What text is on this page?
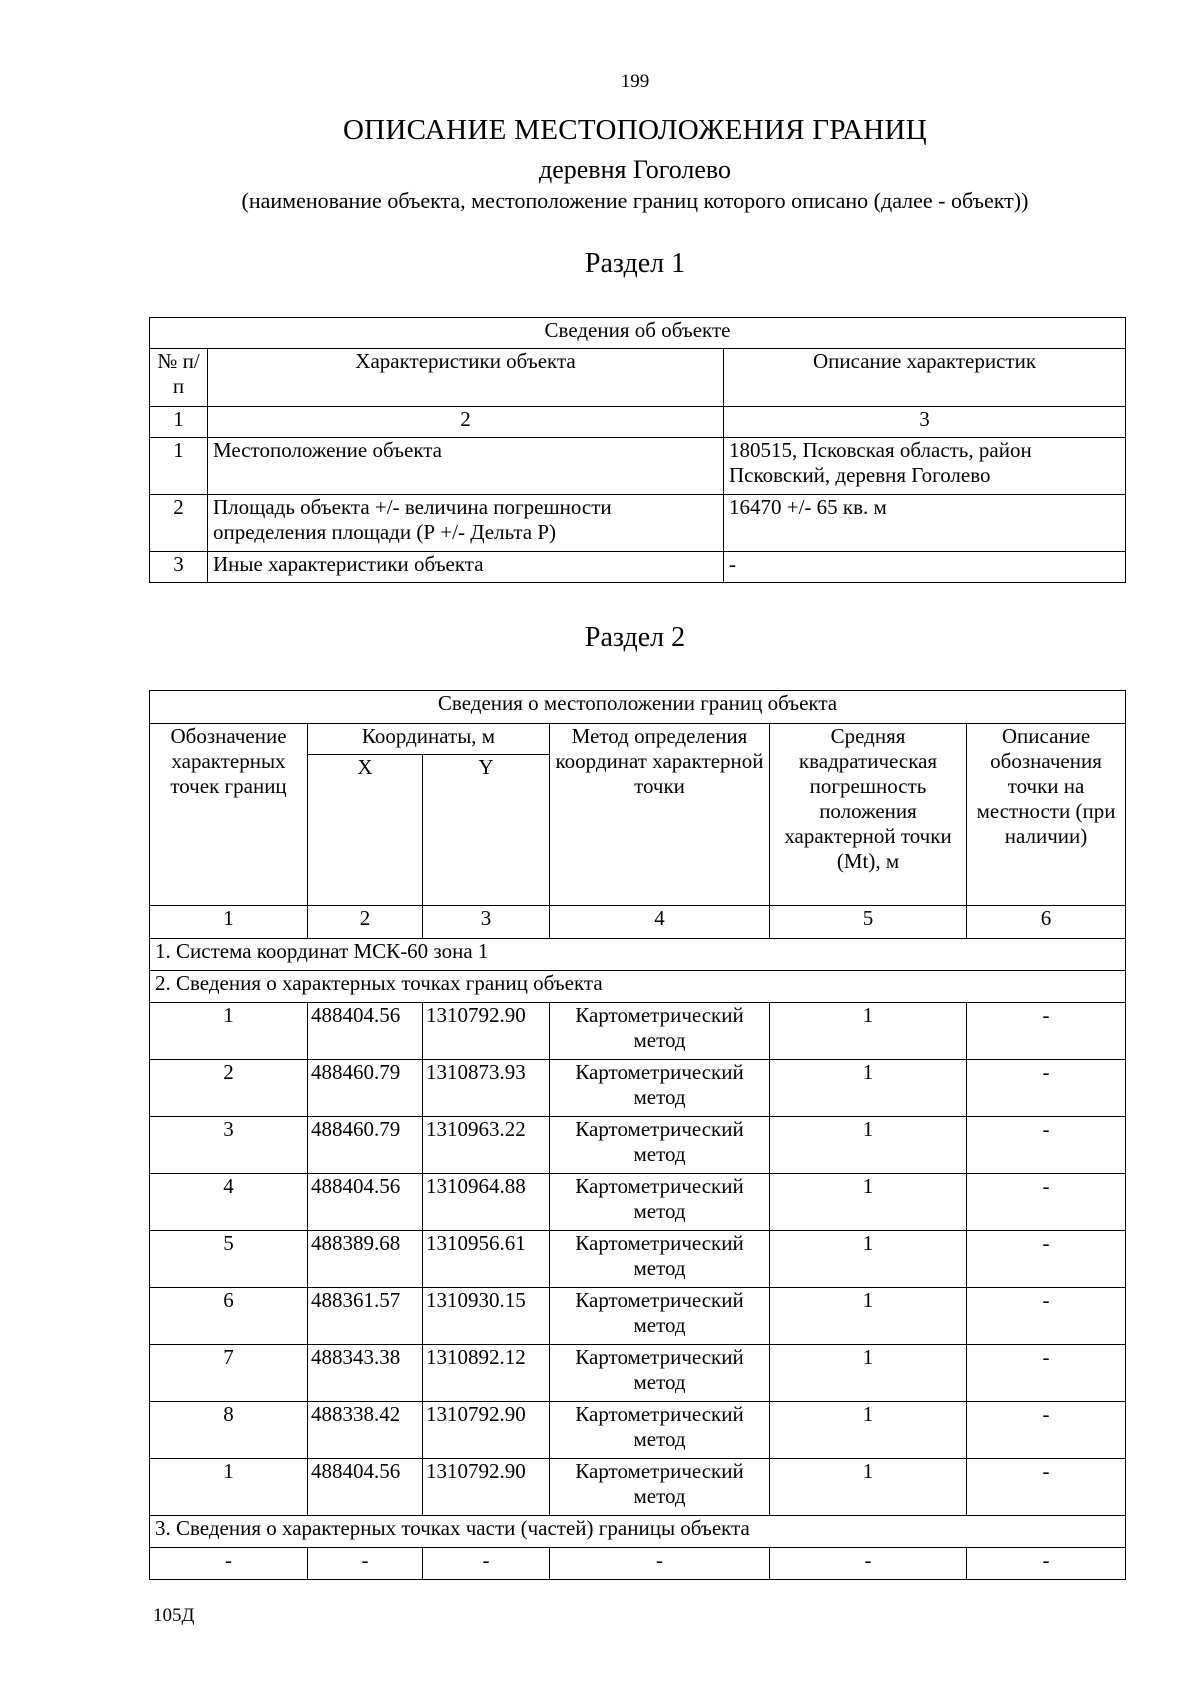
199
ОПИСАНИЕ МЕСТОПОЛОЖЕНИЯ ГРАНИЦ
деревня Гоголево
(наименование объекта, местоположение границ которого описано (далее - объект))
Раздел 1
Сведения об объекте		
№ п/п	Характеристики объекта	Описание характеристик
1	2	3
1	Местоположение объекта	180515, Псковская область, район Псковский, деревня Гоголево
2	Площадь объекта +/- величина погрешности определения площади (Р +/- Дельта Р)	16470 +/- 65 кв. м
3	Иные характеристики объекта	-
Раздел 2
Сведения о местоположении границ объекта					
Обозначение характерных точек границ	Координаты, м		Метод определения координат характерной точки	Средняя квадратическая погрешность положения характерной точки (Mt), м	Описание обозначения точки на местности (при наличии)
	X	Y			
1	2	3	4	5	6
1. Система координат МСК-60 зона 1					
2. Сведения о характерных точках границ объекта					
1	488404.56	1310792.90	Картометрический метод	1	-
2	488460.79	1310873.93	Картометрический метод	1	-
3	488460.79	1310963.22	Картометрический метод	1	-
4	488404.56	1310964.88	Картометрический метод	1	-
5	488389.68	1310956.61	Картометрический метод	1	-
6	488361.57	1310930.15	Картометрический метод	1	-
7	488343.38	1310892.12	Картометрический метод	1	-
8	488338.42	1310792.90	Картометрический метод	1	-
1	488404.56	1310792.90	Картометрический метод	1	-
3. Сведения о характерных точках части (частей) границы объекта					
-	-	-	-	-	-
105Д
